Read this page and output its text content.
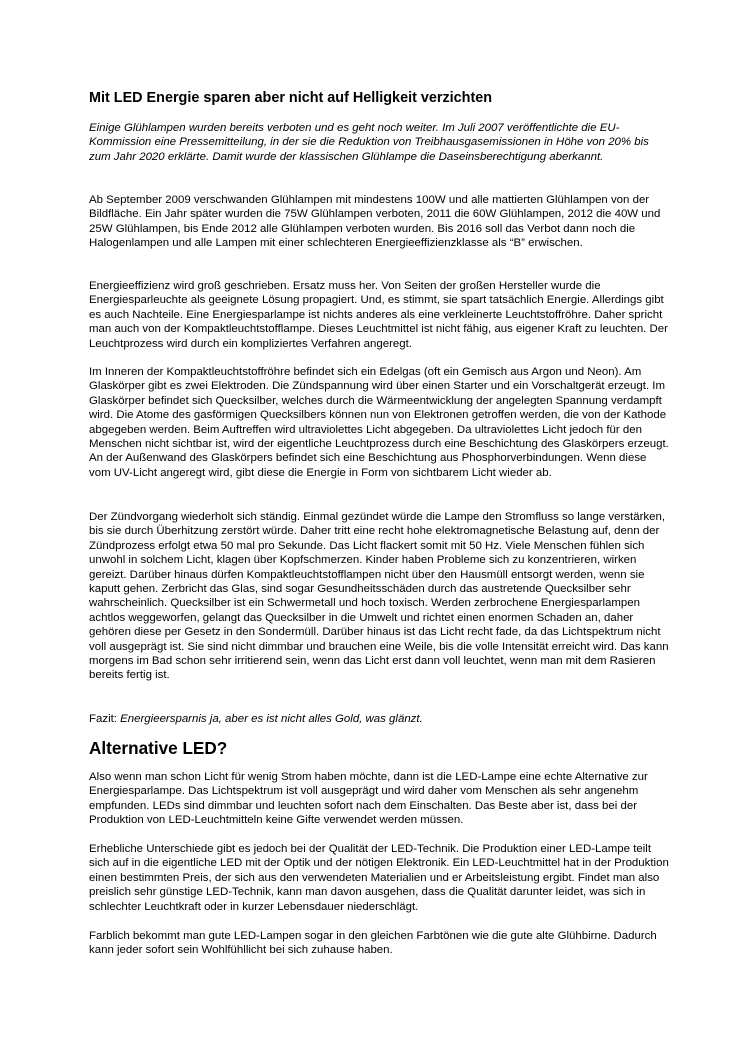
Mit LED Energie sparen aber nicht auf Helligkeit verzichten

Einige Glühlampen wurden bereits verboten und es geht noch weiter. Im Juli 2007 veröffentlichte die EU-Kommission eine Pressemitteilung, in der sie die Reduktion von Treibhausgasemissionen in Höhe von 20% bis zum Jahr 2020 erklärte. Damit wurde der klassischen Glühlampe die Daseinsberechtigung aberkannt.

Ab September 2009 verschwanden Glühlampen mit mindestens 100W und alle mattierten Glühlampen von der Bildfläche. Ein Jahr später wurden die 75W Glühlampen verboten, 2011 die 60W Glühlampen, 2012 die 40W und 25W Glühlampen, bis Ende 2012 alle Glühlampen verboten wurden. Bis 2016 soll das Verbot dann noch die Halogenlampen und alle Lampen mit einer schlechteren Energieeffizienzklasse als “B” erwischen.

Energieeffizienz wird groß geschrieben. Ersatz muss her. Von Seiten der großen Hersteller wurde die Energiesparleuchte als geeignete Lösung propagiert. Und, es stimmt, sie spart tatsächlich Energie. Allerdings gibt es auch Nachteile. Eine Energiesparlampe ist nichts anderes als eine verkleinerte Leuchtstoffröhre. Daher spricht man auch von der Kompaktleuchtstofflampe. Dieses Leuchtmittel ist nicht fähig, aus eigener Kraft zu leuchten. Der Leuchtprozess wird durch ein kompliziertes Verfahren angeregt.

Im Inneren der Kompaktleuchtstoffröhre befindet sich ein Edelgas (oft ein Gemisch aus Argon und Neon). Am Glaskörper gibt es zwei Elektroden. Die Zündspannung wird über einen Starter und ein Vorschaltgerät erzeugt. Im Glaskörper befindet sich Quecksilber, welches durch die Wärmeentwicklung der angelegten Spannung verdampft wird. Die Atome des gasförmigen Quecksilbers können nun von Elektronen getroffen werden, die von der Kathode abgegeben werden. Beim Auftreffen wird ultraviolettes Licht abgegeben. Da ultraviolettes Licht jedoch für den Menschen nicht sichtbar ist, wird der eigentliche Leuchtprozess durch eine Beschichtung des Glaskörpers erzeugt. An der Außenwand des Glaskörpers befindet sich eine Beschichtung aus Phosphorverbindungen. Wenn diese vom UV-Licht angeregt wird, gibt diese die Energie in Form von sichtbarem Licht wieder ab.

Der Zündvorgang wiederholt sich ständig. Einmal gezündet würde die Lampe den Stromfluss so lange verstärken, bis sie durch Überhitzung zerstört würde. Daher tritt eine recht hohe elektromagnetische Belastung auf, denn der Zündprozess erfolgt etwa 50 mal pro Sekunde. Das Licht flackert somit mit 50 Hz. Viele Menschen fühlen sich unwohl in solchem Licht, klagen über Kopfschmerzen. Kinder haben Probleme sich zu konzentrieren, wirken gereizt. Darüber hinaus dürfen Kompaktleuchtstofflampen nicht über den Hausmüll entsorgt werden, wenn sie kaputt gehen. Zerbricht das Glas, sind sogar Gesundheitsschäden durch das austretende Quecksilber sehr wahrscheinlich. Quecksilber ist ein Schwermetall und hoch toxisch. Werden zerbrochene Energiesparlampen achtlos weggeworfen, gelangt das Quecksilber in die Umwelt und richtet einen enormen Schaden an, daher gehören diese per Gesetz in den Sondermüll. Darüber hinaus ist das Licht recht fade, da das Lichtspektrum nicht voll ausgeprägt ist. Sie sind nicht dimmbar und brauchen eine Weile, bis die volle Intensität erreicht wird. Das kann morgens im Bad schon sehr irritierend sein, wenn das Licht erst dann voll leuchtet, wenn man mit dem Rasieren bereits fertig ist.

Fazit: Energieersparnis ja, aber es ist nicht alles Gold, was glänzt.

Alternative LED?

Also wenn man schon Licht für wenig Strom haben möchte, dann ist die LED-Lampe eine echte Alternative zur Energiesparlampe. Das Lichtspektrum ist voll ausgeprägt und wird daher vom Menschen als sehr angenehm empfunden. LEDs sind dimmbar und leuchten sofort nach dem Einschalten. Das Beste aber ist, dass bei der Produktion von LED-Leuchtmitteln keine Gifte verwendet werden müssen.

Erhebliche Unterschiede gibt es jedoch bei der Qualität der LED-Technik. Die Produktion einer LED-Lampe teilt sich auf in die eigentliche LED mit der Optik und der nötigen Elektronik. Ein LED-Leuchtmittel hat in der Produktion einen bestimmten Preis, der sich aus den verwendeten Materialien und er Arbeitsleistung ergibt. Findet man also preislich sehr günstige LED-Technik, kann man davon ausgehen, dass die Qualität darunter leidet, was sich in schlechter Leuchtkraft oder in kurzer Lebensdauer niederschlägt.

Farblich bekommt man gute LED-Lampen sogar in den gleichen Farbtönen wie die gute alte Glühbirne. Dadurch kann jeder sofort sein Wohlfühllicht bei sich zuhause haben.
